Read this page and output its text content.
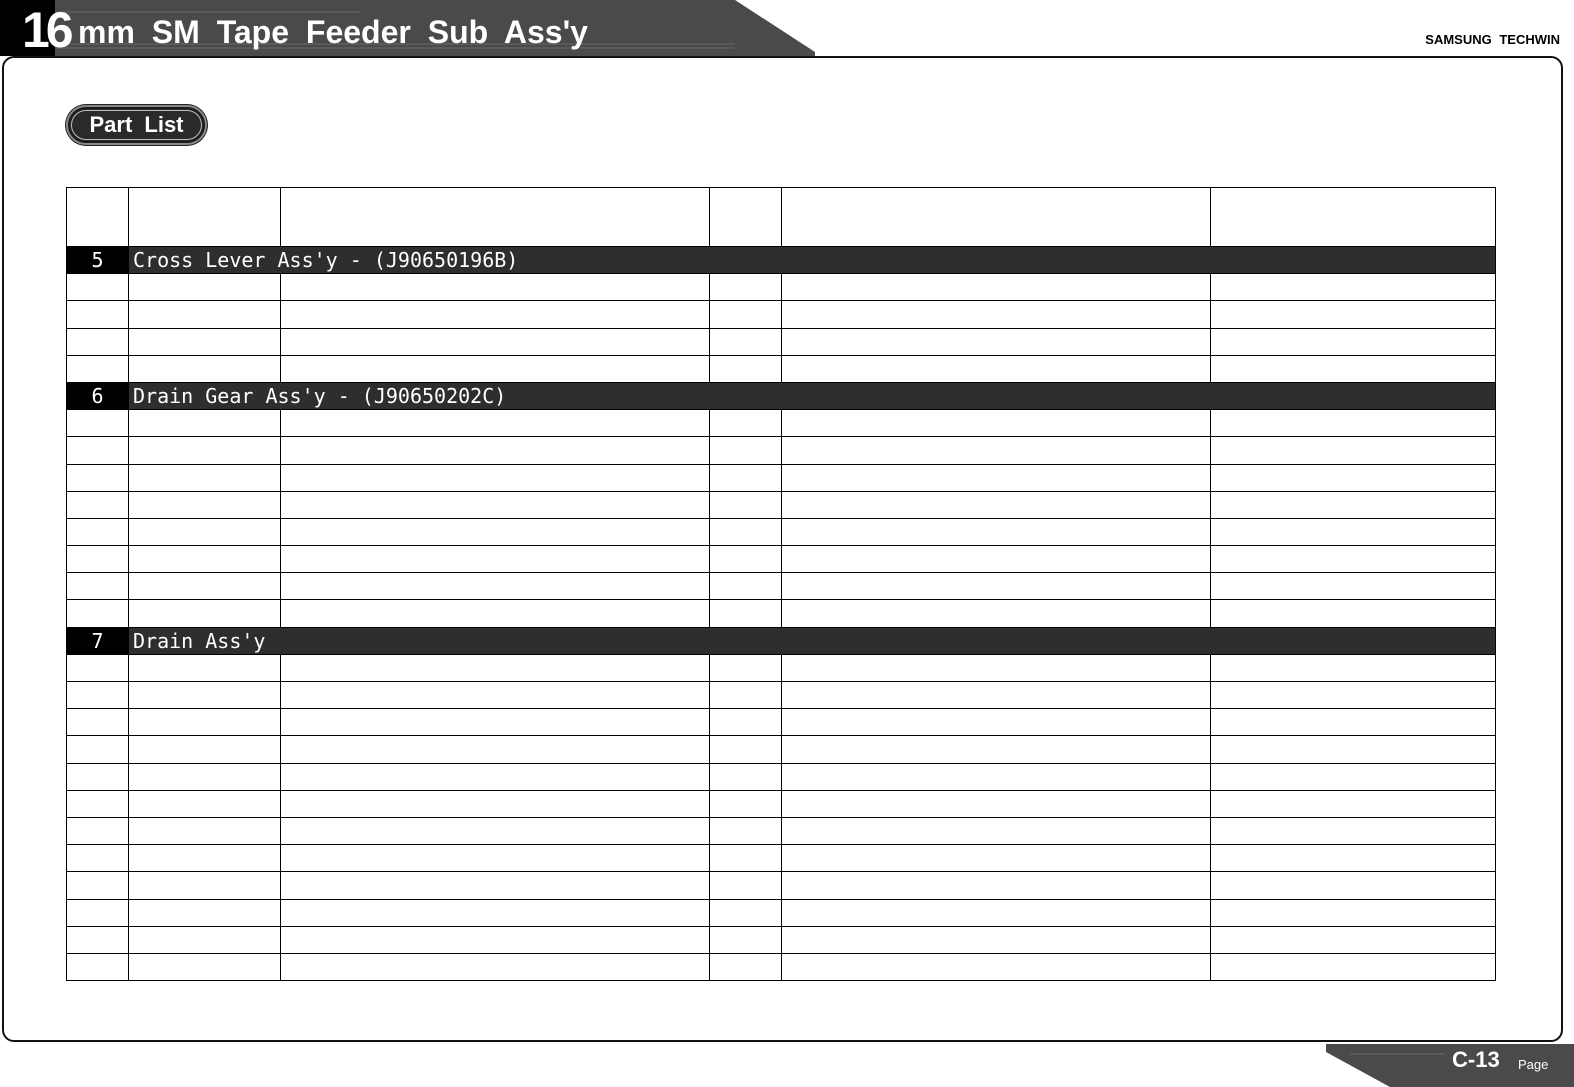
16 mm SM Tape Feeder Sub Ass'y	SAMSUNG TECHWIN
Part List

5	Cross Lever Ass'y - (J90650196B)				

6	Drain Gear Ass'y - (J90650202C)				

7	Drain Ass'y				

C-13 Page
